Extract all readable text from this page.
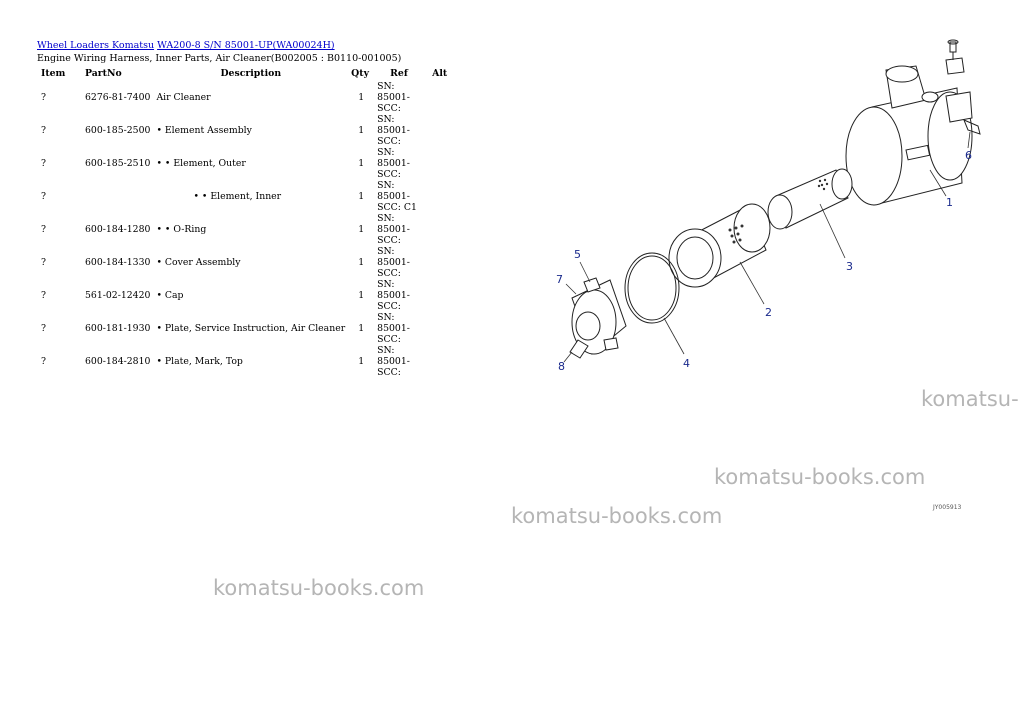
Wheel Loaders Komatsu WA200-8 S/N 85001-UP(WA00024H)
Engine Wiring Harness, Inner Parts, Air Cleaner(B002005 : B0110-001005)
Item	PartNo	Description	Qty	Ref	Alt
?	6276-81-7400	Air Cleaner	1	SN: 85001-SCC:	
?	600-185-2500	• Element Assembly	1	SN: 85001-SCC:	
?	600-185-2510	• • Element, Outer	1	SN: 85001-SCC:	
?		• • Element, Inner	1	SN: 85001-SCC: C1	
?	600-184-1280	• • O-Ring	1	SN: 85001-SCC:	
?	600-184-1330	• Cover Assembly	1	SN: 85001-SCC:	
?	561-02-12420	• Cap	1	SN: 85001-SCC:	
?	600-181-1930	• Plate, Service Instruction, Air Cleaner	1	SN: 85001-SCC:	
?	600-184-2810	• Plate, Mark, Top	1	SN: 85001-SCC:	
1
2
3
4
5
6
7
8
JY005913
komatsu-
komatsu-books.com
komatsu-books.com
komatsu-books.com
